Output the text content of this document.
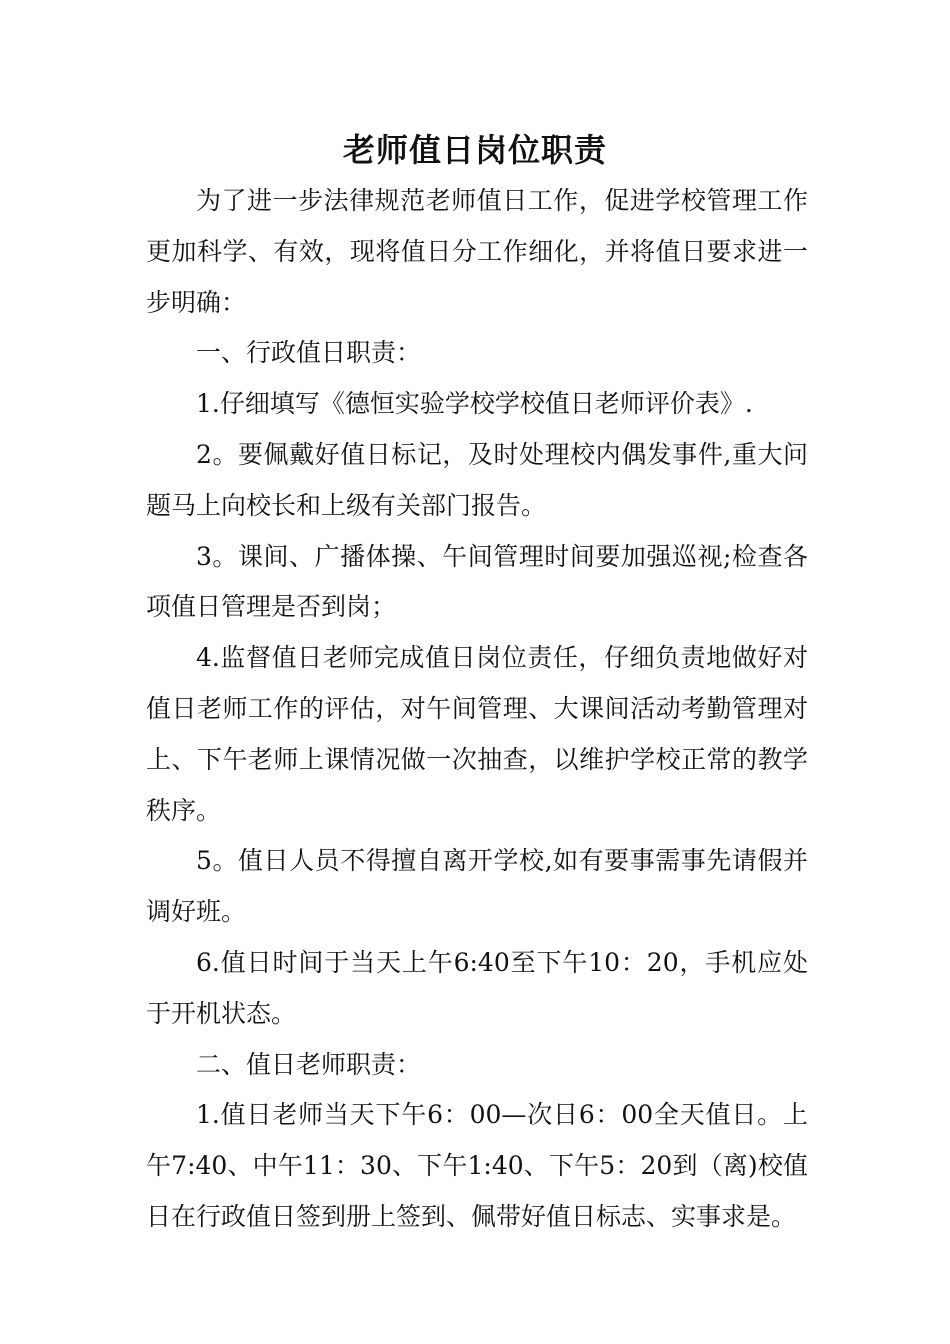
老师值日岗位职责

为了进一步法律规范老师值日工作，促进学校管理工作更加科学、有效，现将值日分工作细化，并将值日要求进一步明确：

一、行政值日职责：

1.仔细填写《德恒实验学校学校值日老师评价表》.

2。要佩戴好值日标记，及时处理校内偶发事件,重大问题马上向校长和上级有关部门报告。

3。课间、广播体操、午间管理时间要加强巡视;检查各项值日管理是否到岗；

4.监督值日老师完成值日岗位责任，仔细负责地做好对值日老师工作的评估，对午间管理、大课间活动考勤管理对上、下午老师上课情况做一次抽查，以维护学校正常的教学秩序。

5。值日人员不得擅自离开学校,如有要事需事先请假并调好班。

6.值日时间于当天上午6:40至下午10：20，手机应处于开机状态。

二、值日老师职责：

1.值日老师当天下午6：00—次日6：00全天值日。上午7:40、中午11：30、下午1:40、下午5：20到（离)校值日在行政值日签到册上签到、佩带好值日标志、实事求是。
